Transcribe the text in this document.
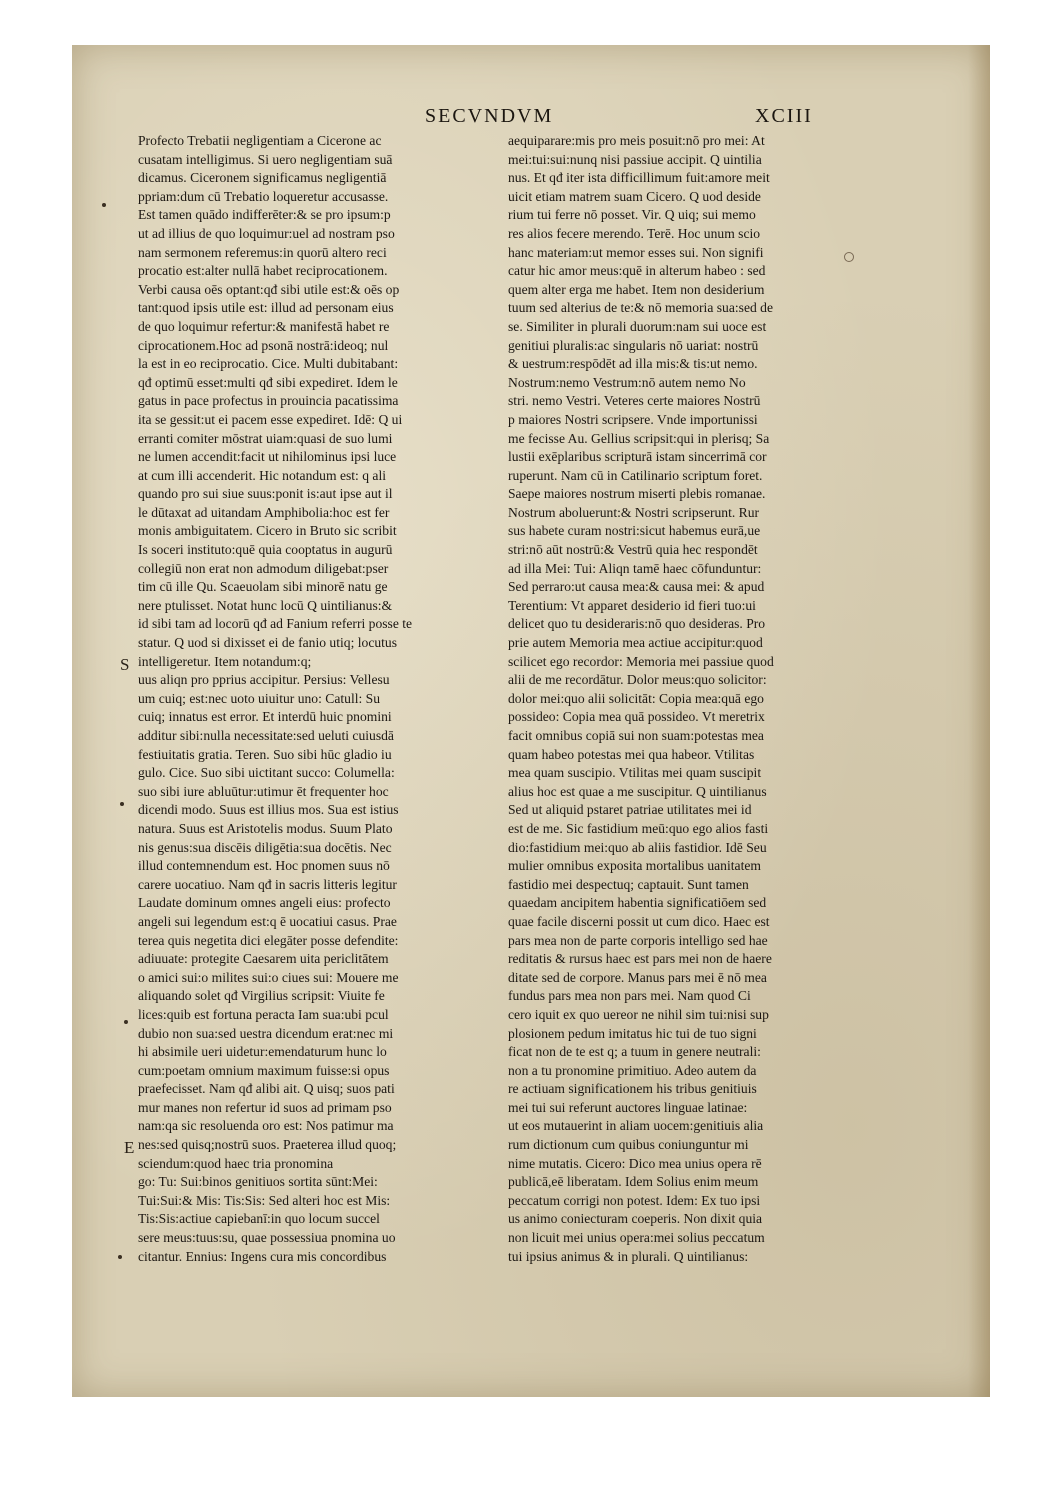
SECVNDVM	XCIII
S
E
Profecto Trebatii negligentiam a Cicerone ac
cusatam intelligimus. Si uero negligentiam suā
dicamus. Ciceronem significamus negligentiā
ppriam:dum cū Trebatio loqueretur accusasse.
Est tamen quādo indifferēter:& se pro ipsum:p
ut ad illius de quo loquimur:uel ad nostram pso
nam sermonem referemus:in quorū altero reci
procatio est:alter nullā habet reciprocationem.
Verbi causa oēs optant:qđ sibi utile est:& oēs op
tant:quod ipsis utile est: illud ad personam eius
de quo loquimur refertur:& manifestā habet re
ciprocationem.Hoc ad psonā nostrā:ideoq; nul
la est in eo reciprocatio. Cice. Multi dubitabant:
qđ optimū esset:multi qđ sibi expediret. Idem le
gatus in pace profectus in prouincia pacatissima
ita se gessit:ut ei pacem esse expediret. Idē: Q ui
erranti comiter mōstrat uiam:quasi de suo lumi
ne lumen accendit:facit ut nihilominus ipsi luce
at cum illi accenderit. Hic notandum est: q ali
quando pro sui siue suus:ponit is:aut ipse aut il
le dūtaxat ad uitandam Amphibolia:hoc est fer
monis ambiguitatem. Cicero in Bruto sic scribit
Is soceri instituto:quē quia cooptatus in augurū
collegiū non erat non admodum diligebat:pser
tim cū ille Qu. Scaeuolam sibi minorē natu ge
nere ptulisset. Notat hunc locū Q uintilianus:&
id sibi tam ad locorū qđ ad Fanium referri posse te
statur. Q uod si dixisset ei de fanio utiq; locutus
intelligeretur. Item notandum:q;
uus aliqn pro pprius accipitur. Persius: Vellesu
um cuiq; est:nec uoto uiuitur uno: Catull: Su
cuiq; innatus est error. Et interdū huic pnomini
additur sibi:nulla necessitate:sed ueluti cuiusdā
festiuitatis gratia. Teren. Suo sibi hūc gladio iu
gulo. Cice. Suo sibi uictitant succo: Columella:
suo sibi iure abluūtur:utimur ēt frequenter hoc
dicendi modo. Suus est illius mos. Sua est istius
natura. Suus est Aristotelis modus. Suum Plato
nis genus:sua discēis diligētia:sua docētis. Nec
illud contemnendum est. Hoc pnomen suus nō
carere uocatiuo. Nam qđ in sacris litteris legitur
Laudate dominum omnes angeli eius: profecto
angeli sui legendum est:q ē uocatiui casus. Prae
terea quis negetita dici elegāter posse defendite:
adiuuate: protegite Caesarem uita periclitātem
o amici sui:o milites sui:o ciues sui: Mouere me
aliquando solet qđ Virgilius scripsit: Viuite fe
lices:quib est fortuna peracta Iam sua:ubi pcul
dubio non sua:sed uestra dicendum erat:nec mi
hi absimile ueri uidetur:emendaturum hunc lo
cum:poetam omnium maximum fuisse:si opus
praefecisset. Nam qđ alibi ait. Q uisq; suos pati
mur manes non refertur id suos ad primam pso
nam:qa sic resoluenda oro est: Nos patimur ma
nes:sed quisq;nostrū suos. Praeterea illud quoq;
sciendum:quod haec tria pronomina
go: Tu: Sui:binos genitiuos sortita sūnt:Mei:
Tui:Sui:& Mis: Tis:Sis: Sed alteri hoc est Mis:
Tis:Sis:actiue capiebanī:in quo locum succel
sere meus:tuus:su, quae possessiua pnomina uo
citantur. Ennius: Ingens cura mis concordibus
aequiparare:mis pro meis posuit:nō pro mei: At
mei:tui:sui:nunq nisi passiue accipit. Q uintilia
nus. Et qđ iter ista difficillimum fuit:amore meit
uicit etiam matrem suam Cicero. Q uod deside
rium tui ferre nō posset. Vir. Q uiq; sui memo
res alios fecere merendo. Terē. Hoc unum scio
hanc materiam:ut memor esses sui. Non signifi
catur hic amor meus:quē in alterum habeo : sed
quem alter erga me habet. Item non desiderium
tuum sed alterius de te:& nō memoria sua:sed de
se. Similiter in plurali duorum:nam sui uoce est
genitiui pluralis:ac singularis nō uariat: nostrū
& uestrum:respōdēt ad illa mis:& tis:ut nemo.
Nostrum:nemo Vestrum:nō autem nemo No
stri. nemo Vestri. Veteres certe maiores Nostrū
p maiores Nostri scripsere. Vnde importunissi
me fecisse Au. Gellius scripsit:qui in plerisq; Sa
lustii exēplaribus scripturā istam sincerrimā cor
ruperunt. Nam cū in Catilinario scriptum foret.
Saepe maiores nostrum miserti plebis romanae.
Nostrum aboluerunt:& Nostri scripserunt. Rur
sus habete curam nostri:sicut habemus eurā,ue
stri:nō aūt nostrū:& Vestrū quia hec respondēt
ad illa Mei: Tui: Aliqn tamē haec cōfunduntur:
Sed perraro:ut causa mea:& causa mei: & apud
Terentium: Vt apparet desiderio id fieri tuo:ui
delicet quo tu desideraris:nō quo desideras. Pro
prie autem Memoria mea actiue accipitur:quod
scilicet ego recordor: Memoria mei passiue quod
alii de me recordātur. Dolor meus:quo solicitor:
dolor mei:quo alii solicitāt: Copia mea:quā ego
possideo: Copia mea quā possideo. Vt meretrix
facit omnibus copiā sui non suam:potestas mea
quam habeo potestas mei qua habeor. Vtilitas
mea quam suscipio. Vtilitas mei quam suscipit
alius hoc est quae a me suscipitur. Q uintilianus
Sed ut aliquid pstaret patriae utilitates mei id
est de me. Sic fastidium meū:quo ego alios fasti
dio:fastidium mei:quo ab aliis fastidior. Idē Seu
mulier omnibus exposita mortalibus uanitatem
fastidio mei despectuq; captauit. Sunt tamen
quaedam ancipitem habentia significatiōem sed
quae facile discerni possit ut cum dico. Haec est
pars mea non de parte corporis intelligo sed hae
reditatis & rursus haec est pars mei non de haere
ditate sed de corpore. Manus pars mei ē nō mea
fundus pars mea non pars mei. Nam quod Ci
cero iquit ex quo uereor ne nihil sim tui:nisi sup
plosionem pedum imitatus hic tui de tuo signi
ficat non de te est q; a tuum in genere neutrali:
non a tu pronomine primitiuo. Adeo autem da
re actiuam significationem his tribus genitiuis
mei tui sui referunt auctores linguae latinae:
ut eos mutauerint in aliam uocem:genitiuis alia
rum dictionum cum quibus coniunguntur mi
nime mutatis. Cicero: Dico mea unius opera rē
publicā,eē liberatam. Idem Solius enim meum
peccatum corrigi non potest. Idem: Ex tuo ipsi
us animo coniecturam coeperis. Non dixit quia
non licuit mei unius opera:mei solius peccatum
tui ipsius animus & in plurali. Q uintilianus:
